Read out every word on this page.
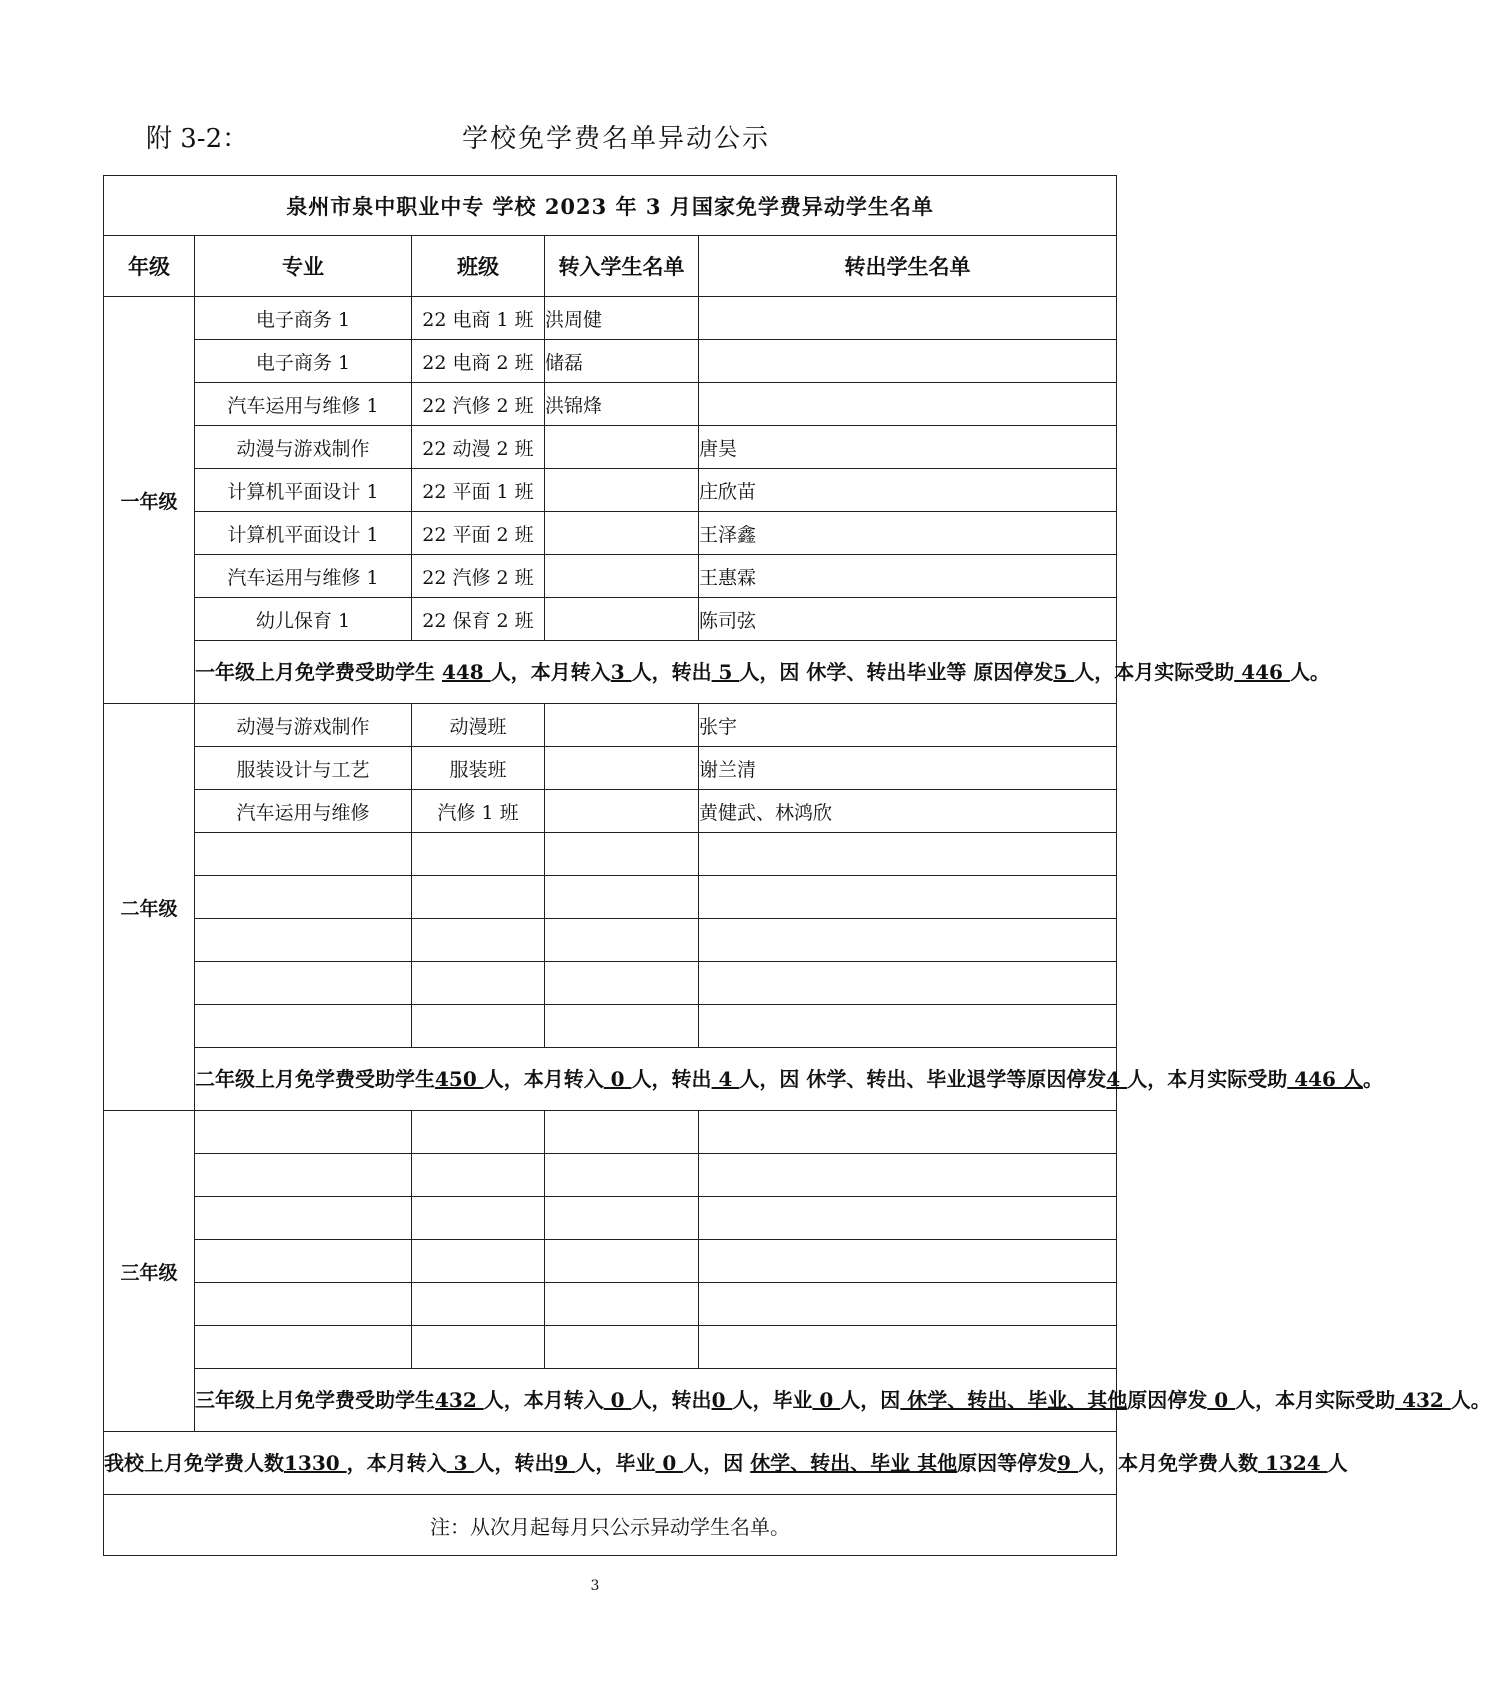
附 3-2：	学校免学费名单异动公示
泉州市泉中职业中专 学校 2023 年 3 月国家免学费异动学生名单				
年级	专业	班级	转入学生名单	转出学生名单
一年级	电子商务 1	22 电商 1 班	洪周健	
	电子商务 1	22 电商 2 班	储磊	
	汽车运用与维修 1	22 汽修 2 班	洪锦烽	
	动漫与游戏制作	22 动漫 2 班		唐昊
	计算机平面设计 1	22 平面 1 班		庄欣苗
	计算机平面设计 1	22 平面 2 班		王泽鑫
	汽车运用与维修 1	22 汽修 2 班		王惠霖
	幼儿保育 1	22 保育 2 班		陈司弦
	一年级上月免学费受助学生 448 人，本月转入3 人，转出 5 人，因 休学、转出毕业等 原因停发5 人，本月实际受助 446 人。			
二年级	动漫与游戏制作	动漫班		张宇
	服装设计与工艺	服装班		谢兰清
	汽车运用与维修	汽修 1 班		黄健武、林鸿欣

	二年级上月免学费受助学生450 人，本月转入 0 人，转出 4 人，因 休学、转出、毕业退学等原因停发4 人，本月实际受助 446 人。			
三年级				

	三年级上月免学费受助学生432 人，本月转入 0 人，转出0 人，毕业 0 人，因 休学、转出、毕业、其他原因停发 0 人，本月实际受助 432 人。			
我校上月免学费人数1330 ，本月转入 3 人，转出9 人，毕业 0 人，因 休学、转出、毕业 其他原因等停发9 人，本月免学费人数 1324 人				
注：从次月起每月只公示异动学生名单。				
3
